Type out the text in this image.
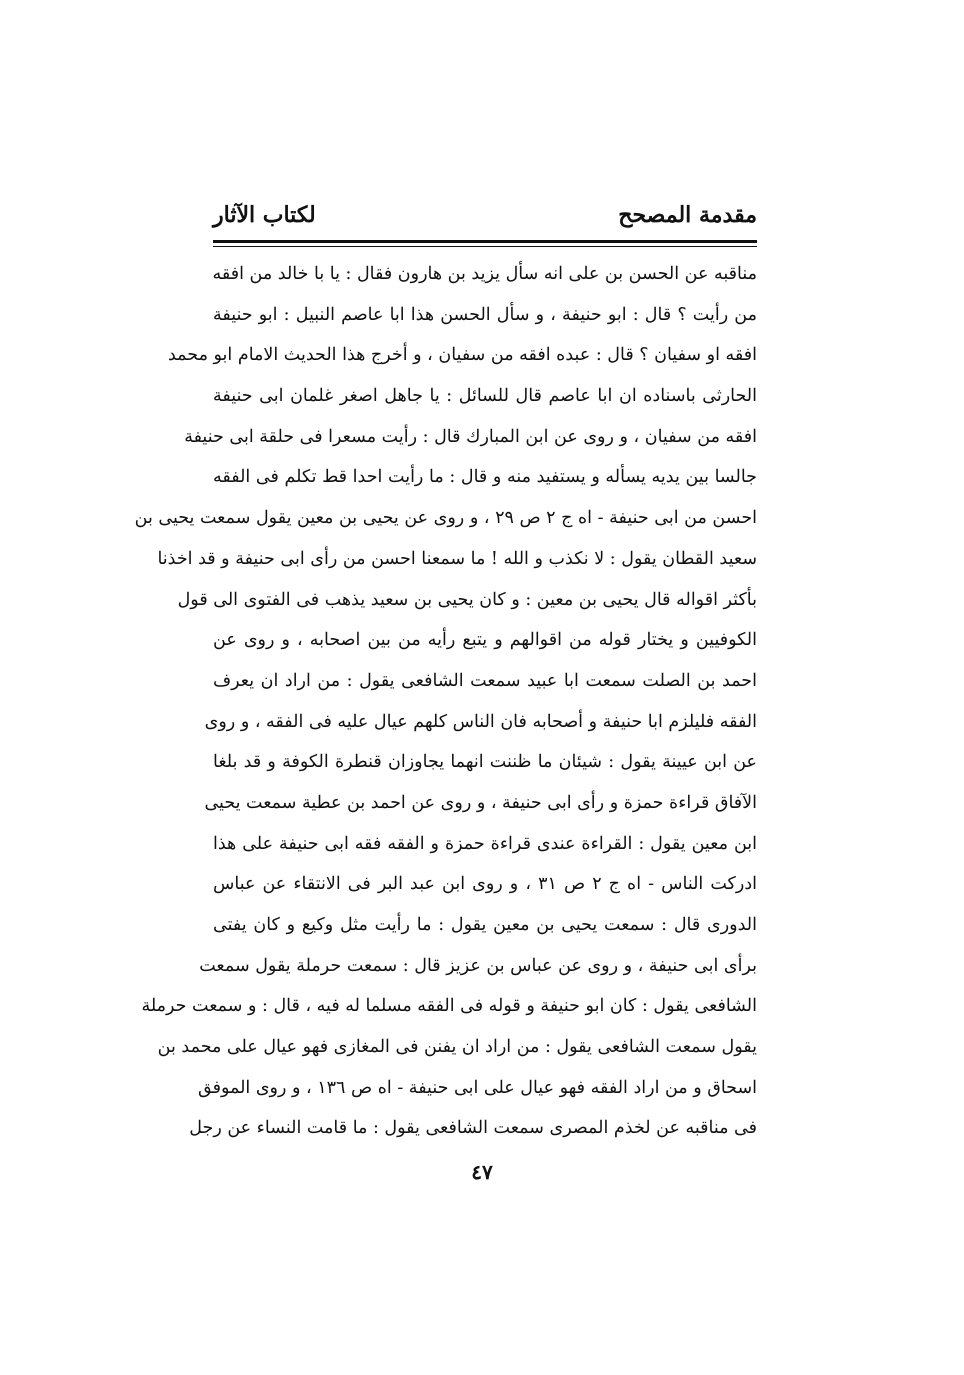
مقدمة المصحح
لكتاب الآثار
مناقبه عن الحسن بن على انه سأل يزيد بن هارون فقال : يا با خالد من افقه
من رأيت ؟ قال : ابو حنيفة ، و سأل الحسن هذا ابا عاصم النبيل : ابو حنيفة
افقه او سفيان ؟ قال : عبده افقه من سفيان ، و أخرج هذا الحديث الامام ابو محمد
الحارثى باسناده ان ابا عاصم قال للسائل : يا جاهل اصغر غلمان ابى حنيفة
افقه من سفيان ، و روى عن ابن المبارك قال : رأيت مسعرا فى حلقة ابى حنيفة
جالسا بين يديه يسأله و يستفيد منه و قال : ما رأيت احدا قط تكلم فى الفقه
احسن من ابى حنيفة - اه ج ٢ ص ٢٩ ، و روى عن يحيى بن معين يقول سمعت يحيى بن
سعيد القطان يقول : لا نكذب و الله ! ما سمعنا احسن من رأى ابى حنيفة و قد اخذنا
بأكثر اقواله قال يحيى بن معين : و كان يحيى بن سعيد يذهب فى الفتوى الى قول
الكوفيين و يختار قوله من اقوالهم و يتبع رأيه من بين اصحابه ، و روى عن
احمد بن الصلت سمعت ابا عبيد سمعت الشافعى يقول : من اراد ان يعرف
الفقه فليلزم ابا حنيفة و أصحابه فان الناس كلهم عيال عليه فى الفقه ، و روى
عن ابن عيينة يقول : شيئان ما ظننت انهما يجاوزان قنطرة الكوفة و قد بلغا
الآفاق قراءة حمزة و رأى ابى حنيفة ، و روى عن احمد بن عطية سمعت يحيى
ابن معين يقول : القراءة عندى قراءة حمزة و الفقه فقه ابى حنيفة على هذا
ادركت الناس - اه ج ٢ ص ٣١ ، و روى ابن عبد البر فى الانتقاء عن عباس
الدورى قال : سمعت يحيى بن معين يقول : ما رأيت مثل وكيع و كان يفتى
برأى ابى حنيفة ، و روى عن عباس بن عزيز قال : سمعت حرملة يقول سمعت
الشافعى يقول : كان ابو حنيفة و قوله فى الفقه مسلما له فيه ، قال : و سمعت حرملة
يقول سمعت الشافعى يقول : من اراد ان يفنن فى المغازى فهو عيال على محمد بن
اسحاق و من اراد الفقه فهو عيال على ابى حنيفة - اه ص ١٣٦ ، و روى الموفق
فى مناقبه عن لخذم المصرى سمعت الشافعى يقول : ما قامت النساء عن رجل
٤٧
